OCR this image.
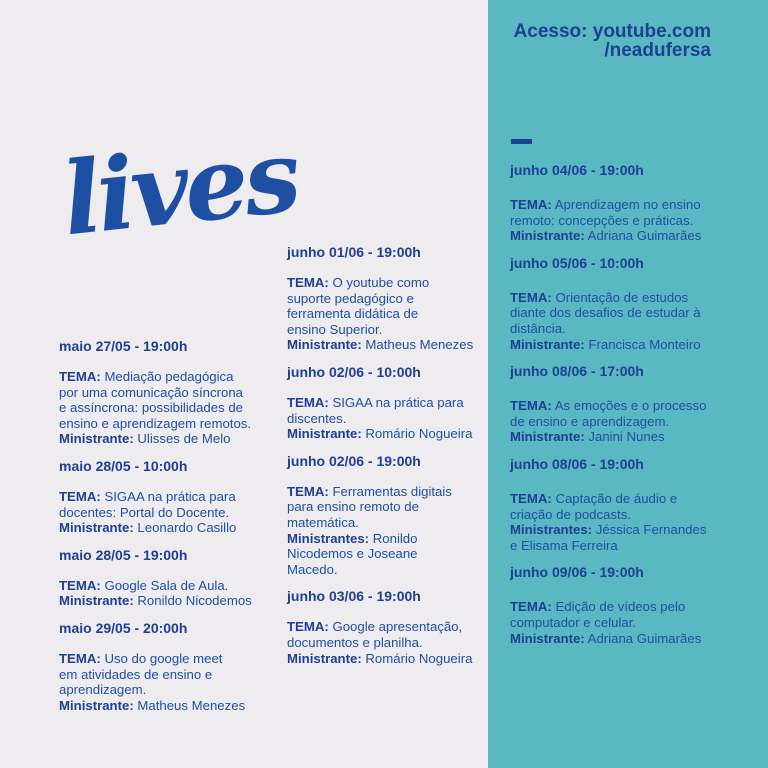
Acesso: youtube.com
/neadufersa
lives
maio 27/05 - 19:00h
TEMA: Mediação pedagógica
por uma comunicação síncrona
e assíncrona: possibilidades de
ensino e aprendizagem remotos.
Ministrante: Ulisses de Melo
maio 28/05 - 10:00h
TEMA: SIGAA na prática para
docentes: Portal do Docente.
Ministrante: Leonardo Casillo
maio 28/05 - 19:00h
TEMA: Google Sala de Aula.
Ministrante: Ronildo Nicodemos
maio 29/05 - 20:00h
TEMA: Uso do google meet
em atividades de ensino e
aprendizagem.
Ministrante: Matheus Menezes
junho 01/06 - 19:00h
TEMA: O youtube como
suporte pedagógico e
ferramenta didática de
ensino Superior.
Ministrante: Matheus Menezes
junho 02/06 - 10:00h
TEMA: SIGAA na prática para
discentes.
Ministrante: Romário Nogueira
junho 02/06 - 19:00h
TEMA: Ferramentas digitais
para ensino remoto de
matemática.
Ministrantes: Ronildo
Nicodemos e Joseane
Macedo.
junho 03/06 - 19:00h
TEMA: Google apresentação,
documentos e planilha.
Ministrante: Romário Nogueira
junho 04/06 - 19:00h
TEMA: Aprendizagem no ensino
remoto: concepções e práticas.
Ministrante: Adriana Guimarães
junho 05/06 - 10:00h
TEMA: Orientação de estudos
diante dos desafios de estudar à
distância.
Ministrante: Francisca Monteiro
junho 08/06 - 17:00h
TEMA: As emoções e o processo
de ensino e aprendizagem.
Ministrante: Janini Nunes
junho 08/06 - 19:00h
TEMA: Captação de áudio e
criação de podcasts.
Ministrantes: Jéssica Fernandes
e Elisama Ferreira
junho 09/06 - 19:00h
TEMA: Edição de vídeos pelo
computador e celular.
Ministrante: Adriana Guimarães
